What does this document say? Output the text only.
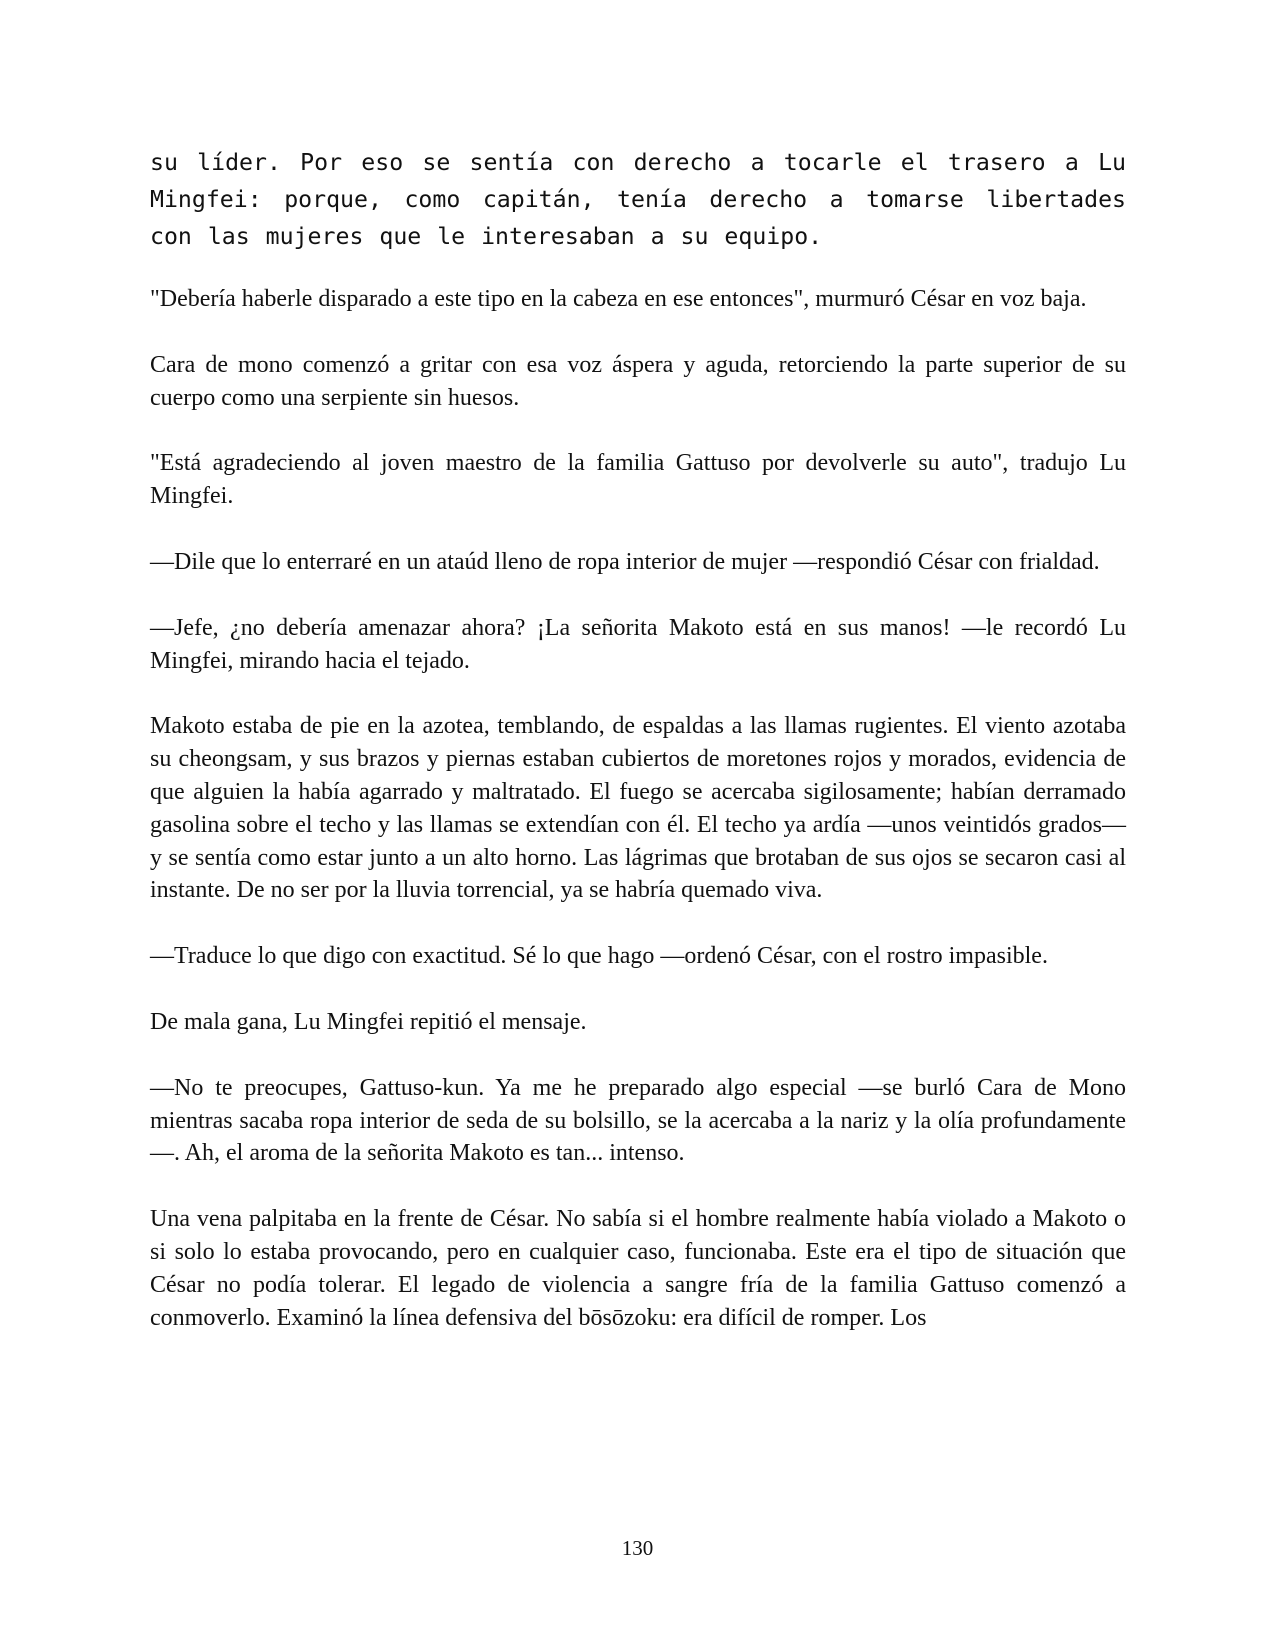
su líder. Por eso se sentía con derecho a tocarle el trasero a Lu Mingfei: porque, como capitán, tenía derecho a tomarse libertades con las mujeres que le interesaban a su equipo.

"Debería haberle disparado a este tipo en la cabeza en ese entonces", murmuró César en voz baja.

Cara de mono comenzó a gritar con esa voz áspera y aguda, retorciendo la parte superior de su cuerpo como una serpiente sin huesos.

"Está agradeciendo al joven maestro de la familia Gattuso por devolverle su auto", tradujo Lu Mingfei.

—Dile que lo enterraré en un ataúd lleno de ropa interior de mujer —respondió César con frialdad.

—Jefe, ¿no debería amenazar ahora? ¡La señorita Makoto está en sus manos! —le recordó Lu Mingfei, mirando hacia el tejado.

Makoto estaba de pie en la azotea, temblando, de espaldas a las llamas rugientes. El viento azotaba su cheongsam, y sus brazos y piernas estaban cubiertos de moretones rojos y morados, evidencia de que alguien la había agarrado y maltratado. El fuego se acercaba sigilosamente; habían derramado gasolina sobre el techo y las llamas se extendían con él. El techo ya ardía —unos veintidós grados— y se sentía como estar junto a un alto horno. Las lágrimas que brotaban de sus ojos se secaron casi al instante. De no ser por la lluvia torrencial, ya se habría quemado viva.

—Traduce lo que digo con exactitud. Sé lo que hago —ordenó César, con el rostro impasible.

De mala gana, Lu Mingfei repitió el mensaje.

—No te preocupes, Gattuso-kun. Ya me he preparado algo especial —se burló Cara de Mono mientras sacaba ropa interior de seda de su bolsillo, se la acercaba a la nariz y la olía profundamente—. Ah, el aroma de la señorita Makoto es tan... intenso.

Una vena palpitaba en la frente de César. No sabía si el hombre realmente había violado a Makoto o si solo lo estaba provocando, pero en cualquier caso, funcionaba. Este era el tipo de situación que César no podía tolerar. El legado de violencia a sangre fría de la familia Gattuso comenzó a conmoverlo. Examinó la línea defensiva del bōsōzoku: era difícil de romper. Los

130
